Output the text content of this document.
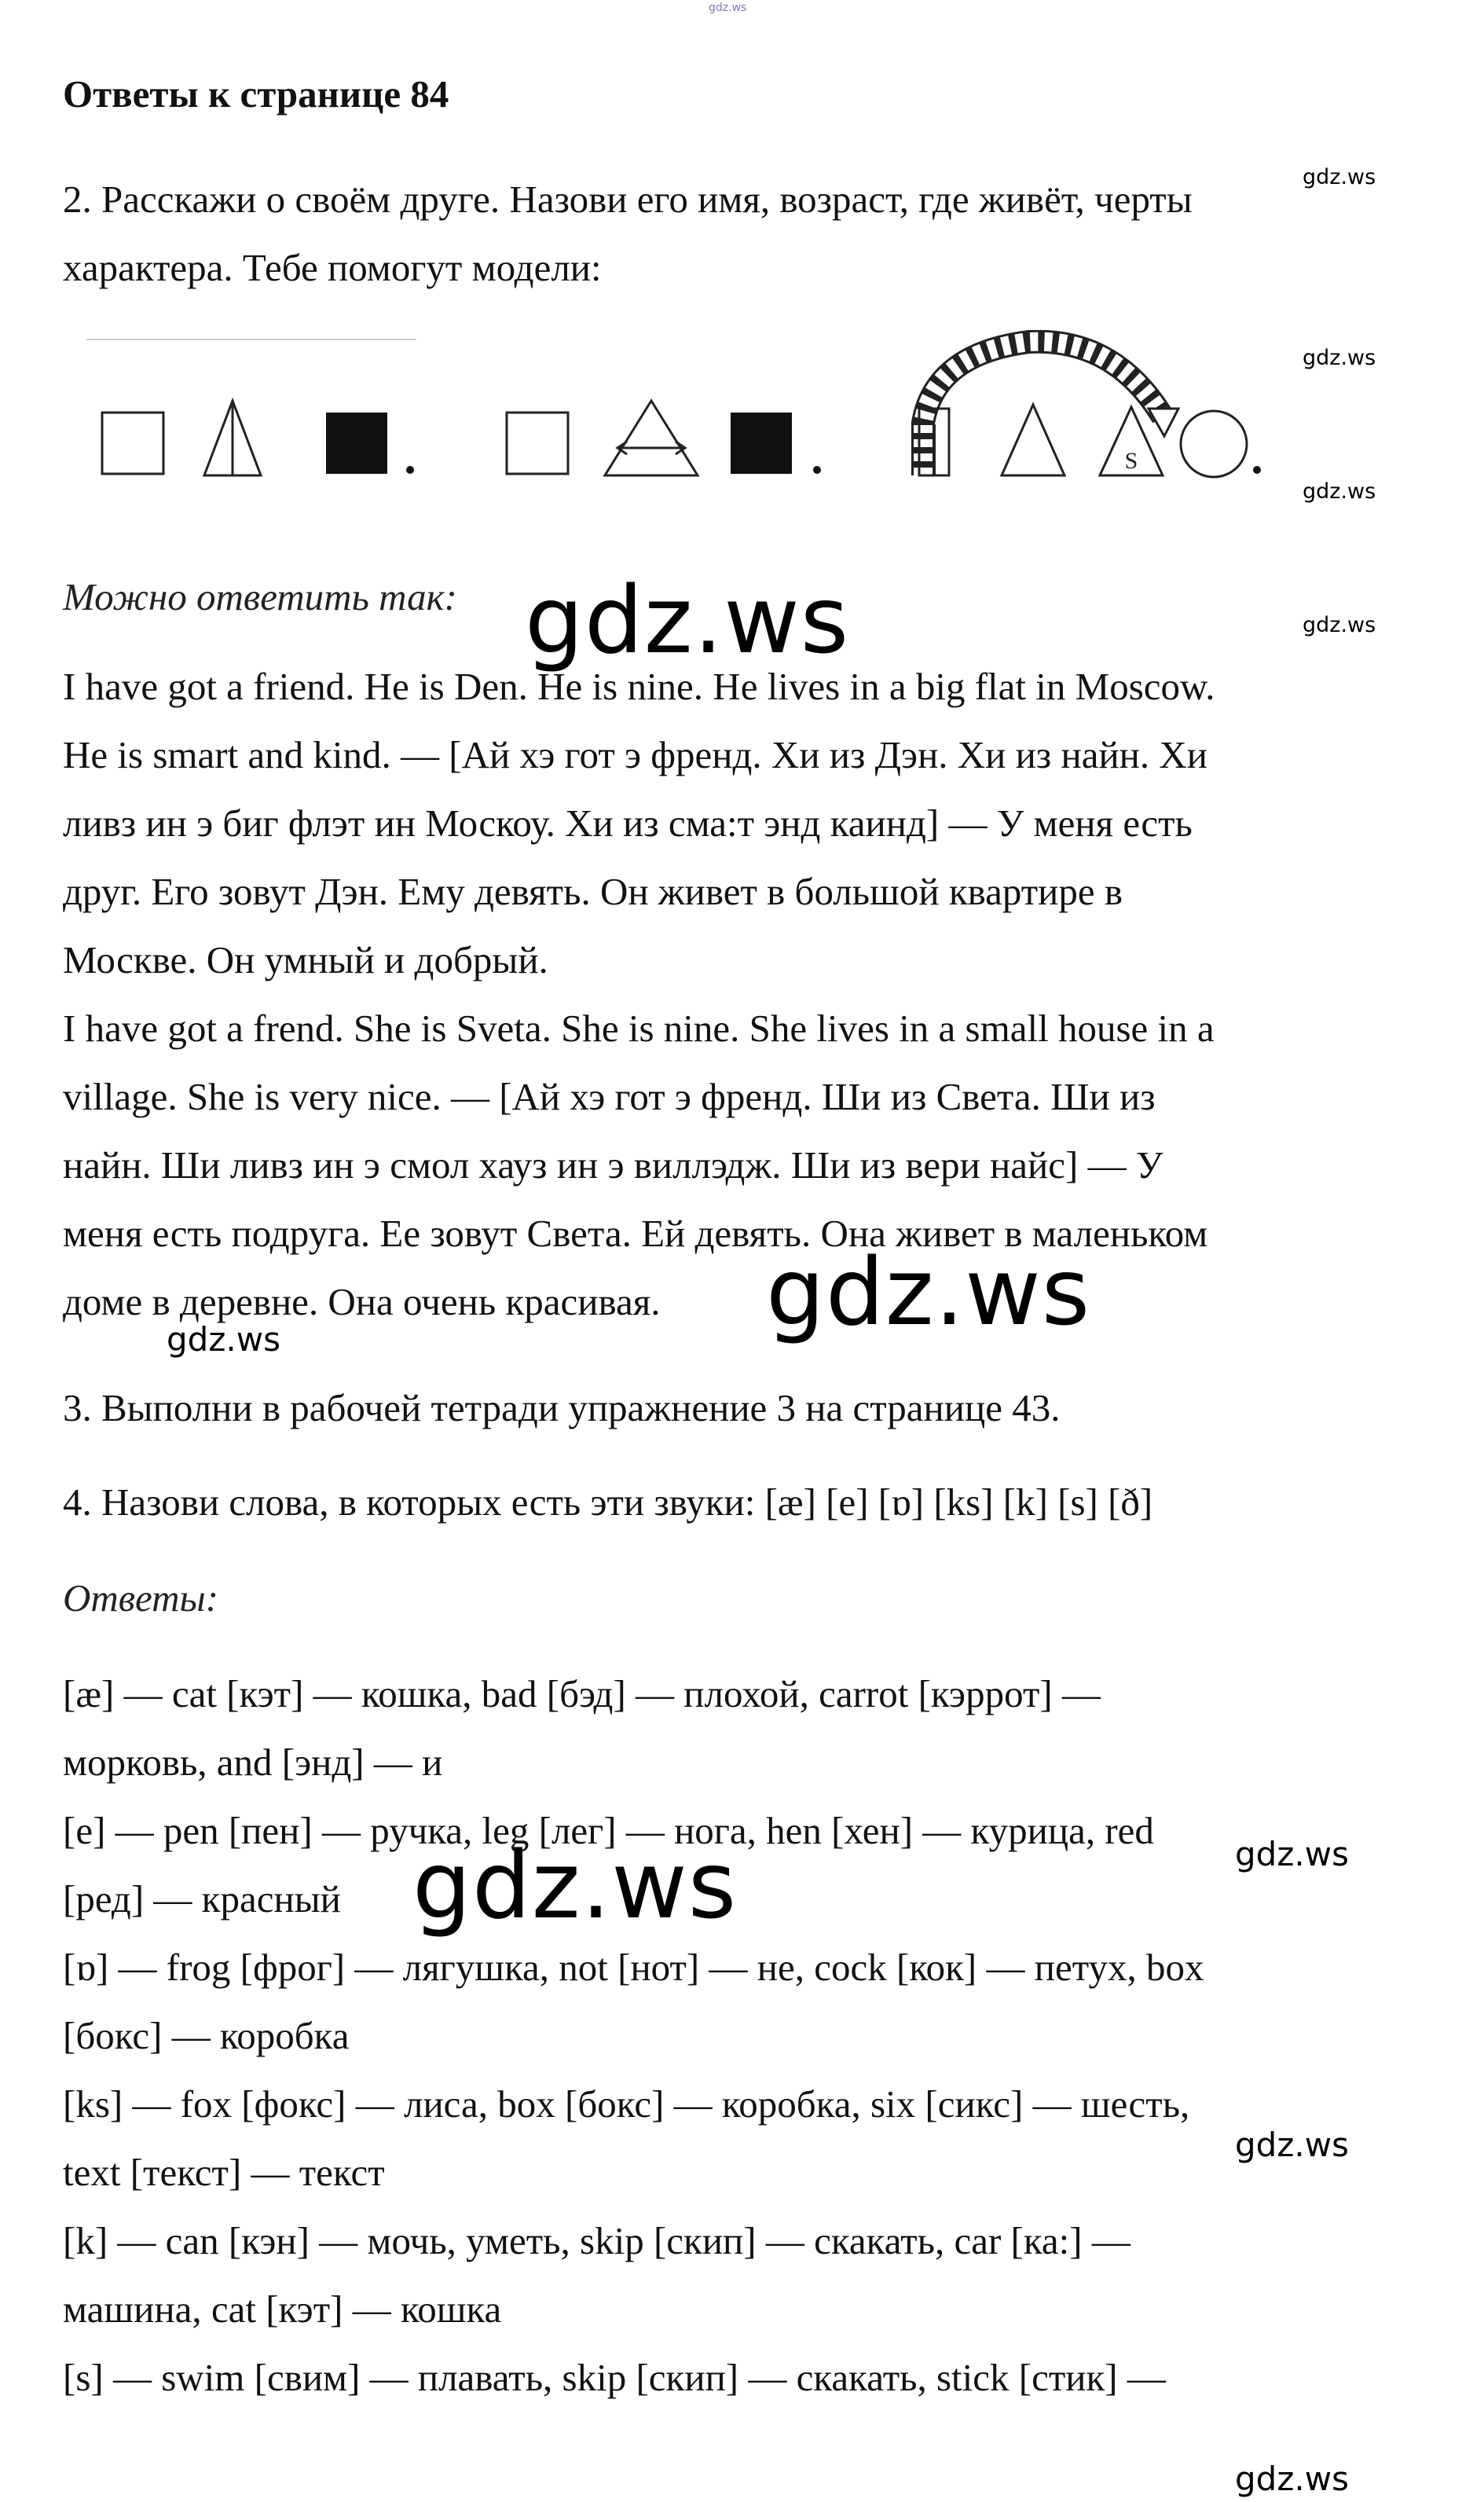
gdz.ws
Ответы к странице 84
2. Расскажи о своём друге. Назови его имя, возраст, где живёт, черты
характера. Тебе помогут модели:
S
Можно ответить так:
I have got a friend. He is Den. He is nine. He lives in a big flat in Moscow.
He is smart and kind. — [Ай хэ гот э френд. Хи из Дэн. Хи из найн. Хи
ливз ин э биг флэт ин Москоу. Хи из сма:т энд каинд] — У меня есть
друг. Его зовут Дэн. Ему девять. Он живет в большой квартире в
Москве. Он умный и добрый.
I have got a frend. She is Sveta. She is nine. She lives in a small house in a
village. She is very nice. — [Ай хэ гот э френд. Ши из Света. Ши из
найн. Ши ливз ин э смол хауз ин э виллэдж. Ши из вери найс] — У
меня есть подруга. Ее зовут Света. Ей девять. Она живет в маленьком
доме в деревне. Она очень красивая.
3. Выполни в рабочей тетради упражнение 3 на странице 43.
4. Назови слова, в которых есть эти звуки: [æ] [e] [ɒ] [ks] [k] [s] [ð]
Ответы:
[æ] — cat [кэт] — кошка, bad [бэд] — плохой, carrot [кэррот] —
морковь, and [энд] — и
[e] — pen [пен] — ручка, leg [лег] — нога, hen [хен] — курица, red
[ред] — красный
[ɒ] — frog [фрог] — лягушка, not [нот] — не, cock [кок] — петух, box
[бокс] — коробка
[ks] — fox [фокс] — лиса, box [бокс] — коробка, six [сикс] — шесть,
text [текст] — текст
[k] — can [кэн] — мочь, уметь, skip [скип] — скакать, car [ка:] —
машина, cat [кэт] — кошка
[s] — swim [свим] — плавать, skip [скип] — скакать, stick [стик] —
gdz.ws
gdz.ws
gdz.ws
gdz.ws
gdz.ws
gdz.ws
gdz.ws
gdz.ws
gdz.ws
gdz.ws
gdz.ws
